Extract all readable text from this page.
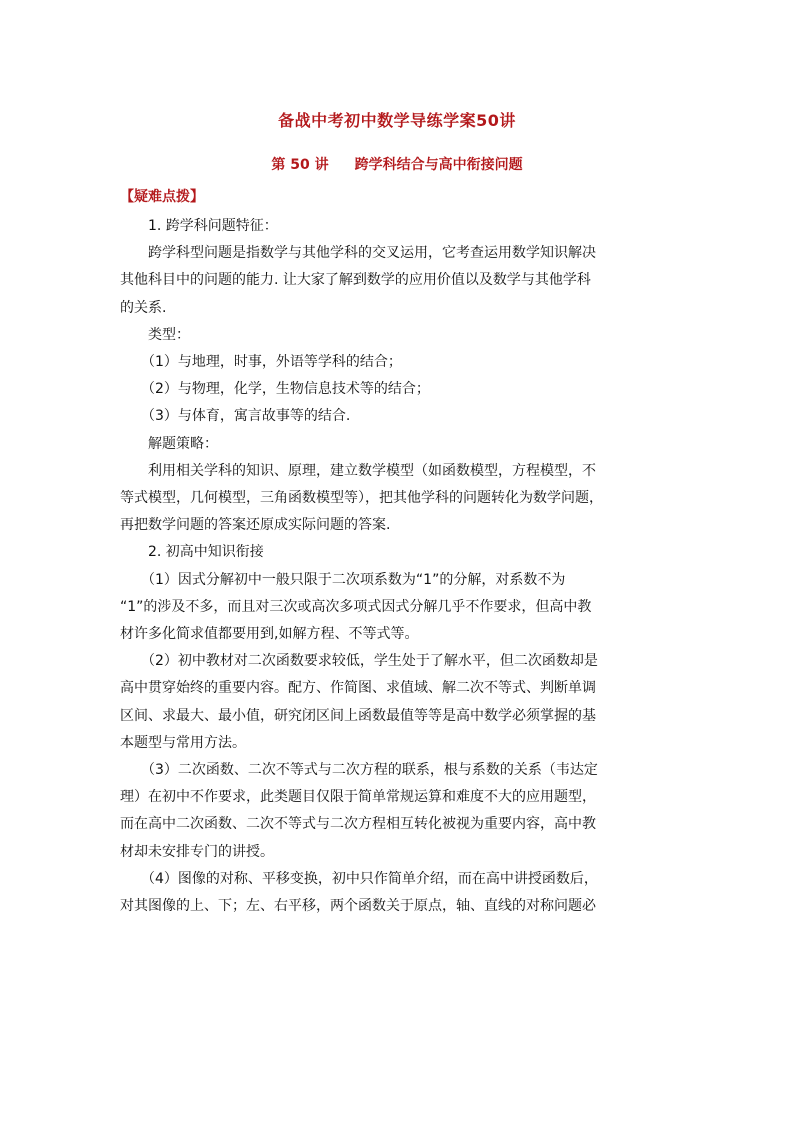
备战中考初中数学导练学案50讲
第 50 讲 跨学科结合与高中衔接问题
【疑难点拨】
　　1. 跨学科问题特征：
　　跨学科型问题是指数学与其他学科的交叉运用，它考查运用数学知识解决
其他科目中的问题的能力. 让大家了解到数学的应用价值以及数学与其他学科
的关系.
　　类型：
　　（1）与地理，时事，外语等学科的结合；
　　（2）与物理，化学，生物信息技术等的结合；
　　（3）与体育，寓言故事等的结合.
　　解题策略：
　　利用相关学科的知识、原理，建立数学模型（如函数模型，方程模型，不
等式模型，几何模型，三角函数模型等），把其他学科的问题转化为数学问题，
再把数学问题的答案还原成实际问题的答案.
　　2. 初高中知识衔接
　　（1）因式分解初中一般只限于二次项系数为“1”的分解，对系数不为
“1”的涉及不多，而且对三次或高次多项式因式分解几乎不作要求，但高中教
材许多化简求值都要用到,如解方程、不等式等。
　　（2）初中教材对二次函数要求较低，学生处于了解水平，但二次函数却是
高中贯穿始终的重要内容。配方、作简图、求值域、解二次不等式、判断单调
区间、求最大、最小值，研究闭区间上函数最值等等是高中数学必须掌握的基
本题型与常用方法。
　　（3）二次函数、二次不等式与二次方程的联系，根与系数的关系（韦达定
理）在初中不作要求，此类题目仅限于简单常规运算和难度不大的应用题型，
而在高中二次函数、二次不等式与二次方程相互转化被视为重要内容，高中教
材却未安排专门的讲授。
　　（4）图像的对称、平移变换，初中只作简单介绍，而在高中讲授函数后，
对其图像的上、下；左、右平移，两个函数关于原点，轴、直线的对称问题必
